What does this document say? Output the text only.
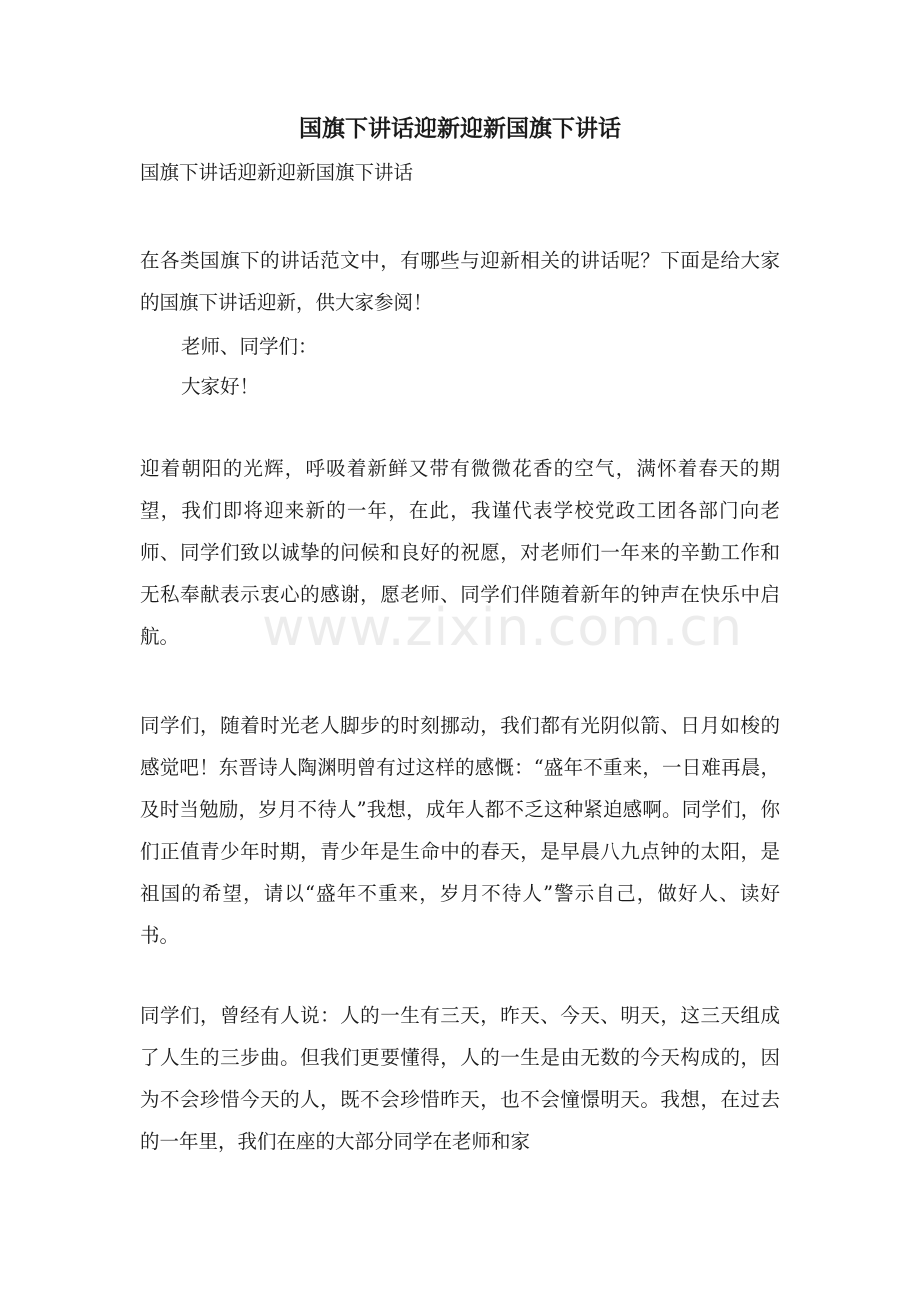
国旗下讲话迎新迎新国旗下讲话

国旗下讲话迎新迎新国旗下讲话

在各类国旗下的讲话范文中，有哪些与迎新相关的讲话呢？下面是给大家的国旗下讲话迎新，供大家参阅！

老师、同学们：

大家好！

迎着朝阳的光辉，呼吸着新鲜又带有微微花香的空气，满怀着春天的期望，我们即将迎来新的一年，在此，我谨代表学校党政工团各部门向老师、同学们致以诚挚的问候和良好的祝愿，对老师们一年来的辛勤工作和无私奉献表示衷心的感谢，愿老师、同学们伴随着新年的钟声在快乐中启航。

同学们，随着时光老人脚步的时刻挪动，我们都有光阴似箭、日月如梭的感觉吧！东晋诗人陶渊明曾有过这样的感慨：“盛年不重来，一日难再晨，及时当勉励，岁月不待人”我想，成年人都不乏这种紧迫感啊。同学们，你们正值青少年时期，青少年是生命中的春天，是早晨八九点钟的太阳，是祖国的希望，请以“盛年不重来，岁月不待人”警示自己，做好人、读好书。

同学们，曾经有人说：人的一生有三天，昨天、今天、明天，这三天组成了人生的三步曲。但我们更要懂得，人的一生是由无数的今天构成的，因为不会珍惜今天的人，既不会珍惜昨天，也不会憧憬明天。我想，在过去的一年里，我们在座的大部分同学在老师和家

www.zixin.com.cn
